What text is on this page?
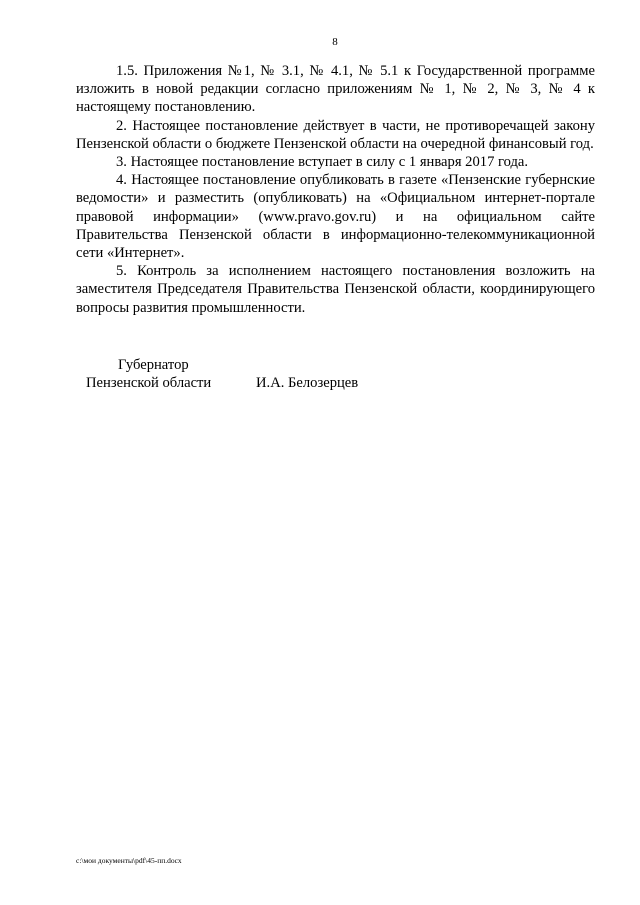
8

1.5. Приложения №1, № 3.1, № 4.1, № 5.1 к Государственной программе изложить в новой редакции согласно приложениям № 1, № 2, № 3, № 4 к настоящему постановлению.

2. Настоящее постановление действует в части, не противоречащей закону Пензенской области о бюджете Пензенской области на очередной финансовый год.

3. Настоящее постановление вступает в силу с 1 января 2017 года.

4. Настоящее постановление опубликовать в газете «Пензенские губернские ведомости» и разместить (опубликовать) на «Официальном интернет-портале правовой информации» (www.pravo.gov.ru) и на официальном сайте Правительства Пензенской области в информационно-телекоммуникационной сети «Интернет».

5. Контроль за исполнением настоящего постановления возложить на заместителя Председателя Правительства Пензенской области, координирующего вопросы развития промышленности.

Губернатор
Пензенской области	И.А. Белозерцев
c:\мои документы\pdf\45-пп.docx
